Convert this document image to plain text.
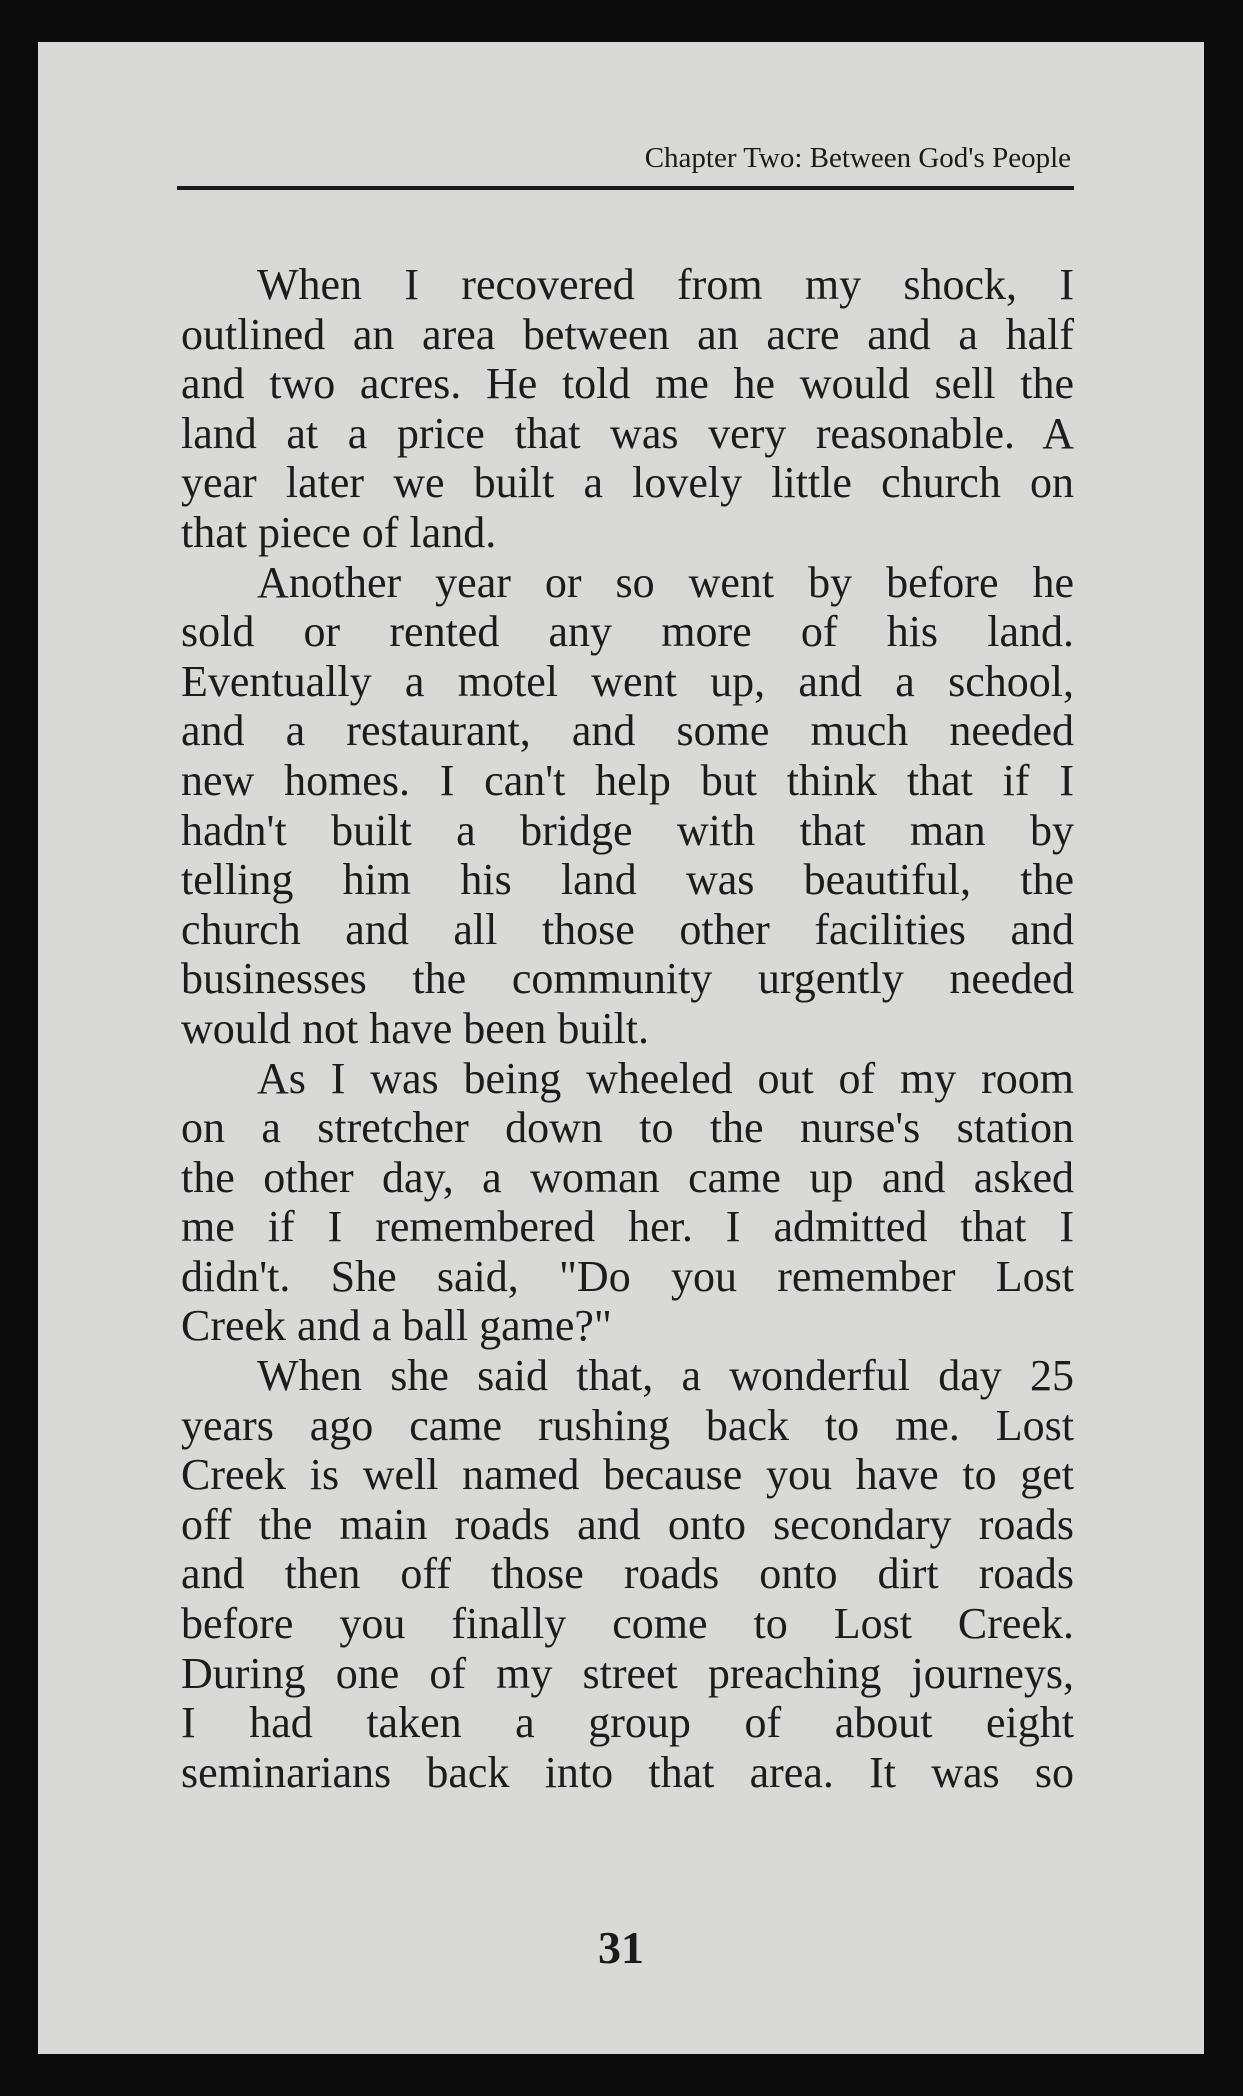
Chapter Two: Between God's People
When I recovered from my shock, I
outlined an area between an acre and a half
and two acres. He told me he would sell the
land at a price that was very reasonable. A
year later we built a lovely little church on
that piece of land.
Another year or so went by before he
sold or rented any more of his land.
Eventually a motel went up, and a school,
and a restaurant, and some much needed
new homes. I can't help but think that if I
hadn't built a bridge with that man by
telling him his land was beautiful, the
church and all those other facilities and
businesses the community urgently needed
would not have been built.
As I was being wheeled out of my room
on a stretcher down to the nurse's station
the other day, a woman came up and asked
me if I remembered her. I admitted that I
didn't. She said, "Do you remember Lost
Creek and a ball game?"
When she said that, a wonderful day 25
years ago came rushing back to me. Lost
Creek is well named because you have to get
off the main roads and onto secondary roads
and then off those roads onto dirt roads
before you finally come to Lost Creek.
During one of my street preaching journeys,
I had taken a group of about eight
seminarians back into that area. It was so
31
